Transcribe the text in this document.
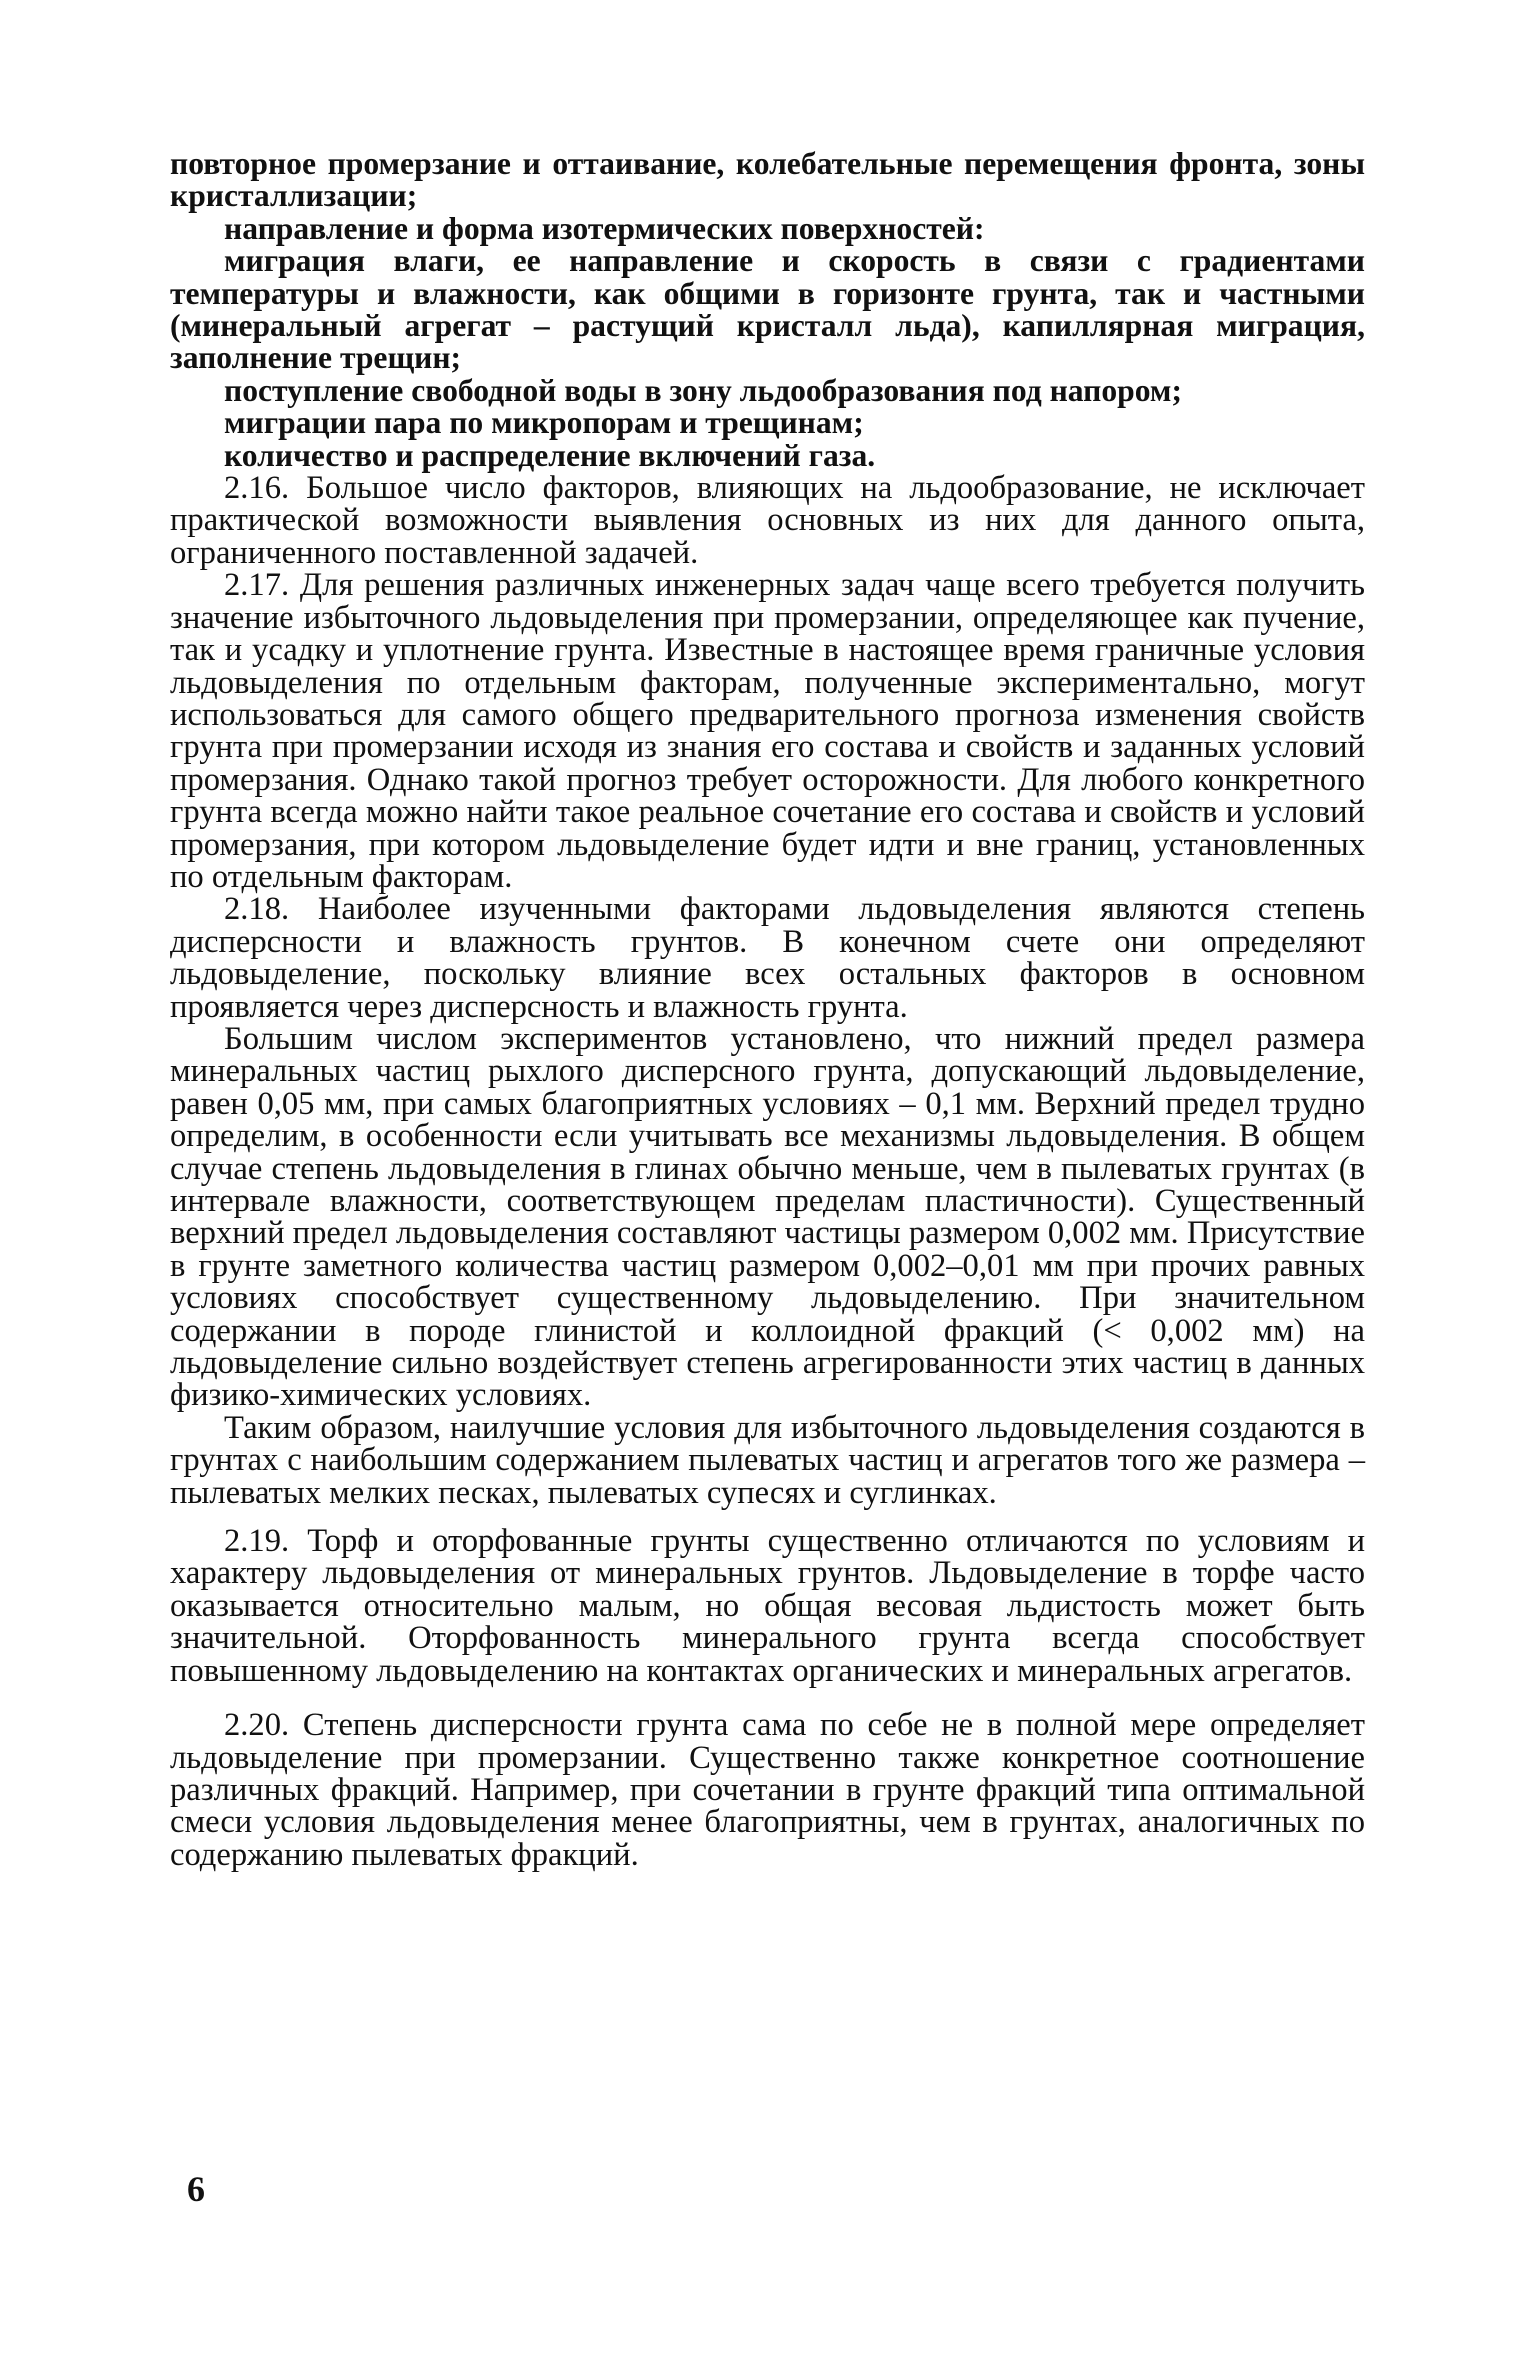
повторное промерзание и оттаивание, колебательные перемещения фронта, зоны кристаллизации;

направление и форма изотермических поверхностей:

миграция влаги, ее направление и скорость в связи с градиентами температуры и влажности, как общими в горизонте грунта, так и частными (минеральный агрегат – растущий кристалл льда), капиллярная миграция, заполнение трещин;

поступление свободной воды в зону льдообразования под напором;

миграции пара по микропорам и трещинам;

количество и распределение включений газа.

2.16. Большое число факторов, влияющих на льдообразование, не исключает практической возможности выявления основных из них для данного опыта, ограниченного поставленной задачей.

2.17. Для решения различных инженерных задач чаще всего требуется получить значение избыточного льдовыделения при промерзании, определяющее как пучение, так и усадку и уплотнение грунта. Известные в настоящее время граничные условия льдовыделения по отдельным факторам, полученные экспериментально, могут использоваться для самого общего предварительного прогноза изменения свойств грунта при промерзании исходя из знания его состава и свойств и заданных условий промерзания. Однако такой прогноз требует осторожности. Для любого конкретного грунта всегда можно найти такое реальное сочетание его состава и свойств и условий промерзания, при котором льдовыделение будет идти и вне границ, установленных по отдельным факторам.

2.18. Наиболее изученными факторами льдовыделения являются степень дисперсности и влажность грунтов. В конечном счете они определяют льдовыделение, поскольку влияние всех остальных факторов в основном проявляется через дисперсность и влажность грунта.

Большим числом экспериментов установлено, что нижний предел размера минеральных частиц рыхлого дисперсного грунта, допускающий льдовыделение, равен 0,05 мм, при самых благоприятных условиях – 0,1 мм. Верхний предел трудно определим, в особенности если учитывать все механизмы льдовыделения. В общем случае степень льдовыделения в глинах обычно меньше, чем в пылеватых грунтах (в интервале влажности, соответствующем пределам пластичности). Существенный верхний предел льдовыделения составляют частицы размером 0,002 мм. Присутствие в грунте заметного количества частиц размером 0,002–0,01 мм при прочих равных условиях способствует существенному льдовыделению. При значительном содержании в породе глинистой и коллоидной фракций (< 0,002 мм) на льдовыделение сильно воздействует степень агрегированности этих частиц в данных физико-химических условиях.

Таким образом, наилучшие условия для избыточного льдовыделения создаются в грунтах с наибольшим содержанием пылеватых частиц и агрегатов того же размера – пылеватых мелких песках, пылеватых супесях и суглинках.

2.19. Торф и оторфованные грунты существенно отличаются по условиям и характеру льдовыделения от минеральных грунтов. Льдовыделение в торфе часто оказывается относительно малым, но общая весовая льдистость может быть значительной. Оторфованность минерального грунта всегда способствует повышенному льдовыделению на контактах органических и минеральных агрегатов.

2.20. Степень дисперсности грунта сама по себе не в полной мере определяет льдовыделение при промерзании. Существенно также конкретное соотношение различных фракций. Например, при сочетании в грунте фракций типа оптимальной смеси условия льдовыделения менее благоприятны, чем в грунтах, аналогичных по содержанию пылеватых фракций.

6
